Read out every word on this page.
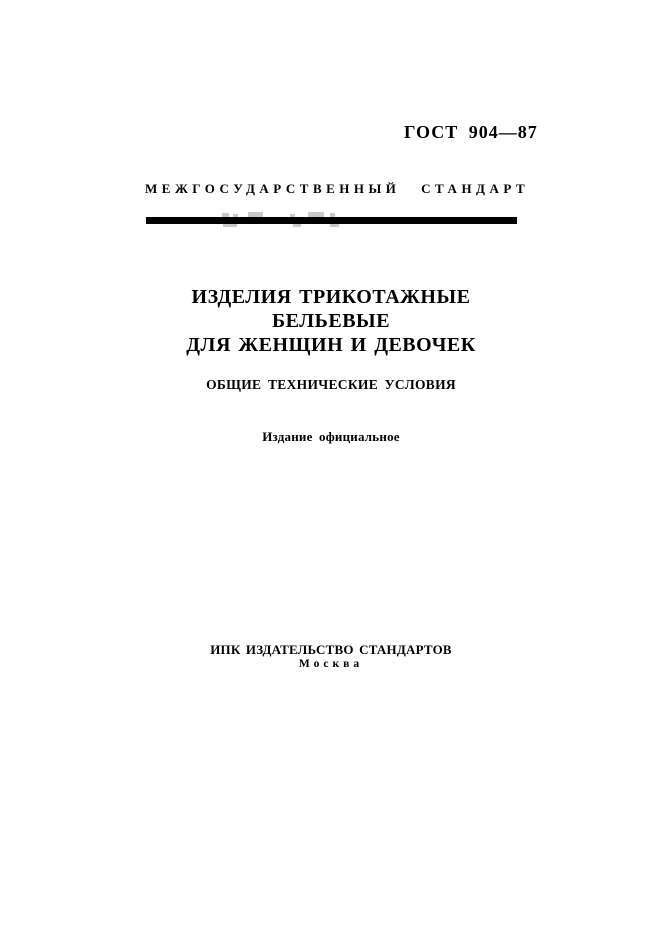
ГОСТ 904—87
МЕЖГОСУДАРСТВЕННЫЙ СТАНДАРТ
ИЗДЕЛИЯ ТРИКОТАЖНЫЕ
БЕЛЬЕВЫЕ
ДЛЯ ЖЕНЩИН И ДЕВОЧЕК
ОБЩИЕ ТЕХНИЧЕСКИЕ УСЛОВИЯ
Издание официальное
ИПК ИЗДАТЕЛЬСТВО СТАНДАРТОВ
Москва
